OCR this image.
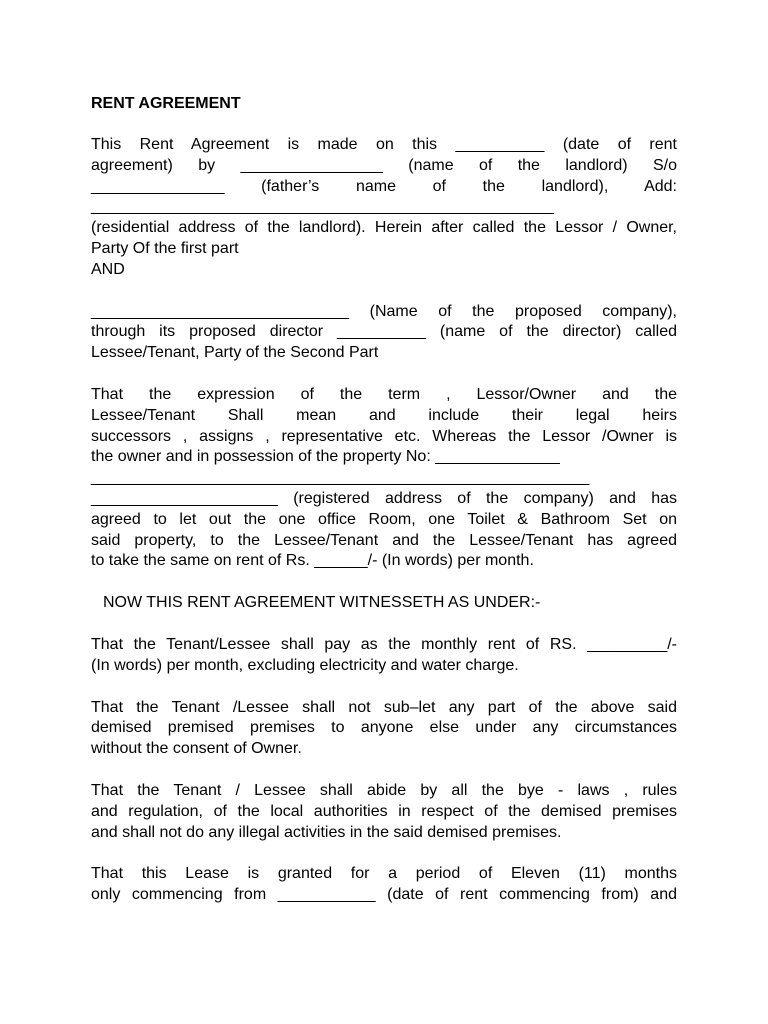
RENT AGREEMENT
This Rent Agreement is made on this __________ (date of rent
agreement) by ________________ (name of the landlord) S/o
_______________ (father’s name of the landlord), Add:
____________________________________________________
(residential address of the landlord). Herein after called the Lessor / Owner,
Party Of the first part
AND
_____________________________ (Name of the proposed company),
through its proposed director __________ (name of the director) called
Lessee/Tenant, Party of the Second Part
That the expression of the term , Lessor/Owner and the
Lessee/Tenant Shall mean and include their legal heirs
successors , assigns , representative etc. Whereas the Lessor /Owner is
the owner and in possession of the property No: ______________
________________________________________________________
_____________________ (registered address of the company) and has
agreed to let out the one office Room, one Toilet & Bathroom Set on
said property, to the Lessee/Tenant and the Lessee/Tenant has agreed
to take the same on rent of Rs. ______/- (In words) per month.
NOW THIS RENT AGREEMENT WITNESSETH AS UNDER:-
That the Tenant/Lessee shall pay as the monthly rent of RS. _________/-
(In words) per month, excluding electricity and water charge.
That the Tenant /Lessee shall not sub–let any part of the above said
demised premised premises to anyone else under any circumstances
without the consent of Owner.
That the Tenant / Lessee shall abide by all the bye - laws , rules
and regulation, of the local authorities in respect of the demised premises
and shall not do any illegal activities in the said demised premises.
That this Lease is granted for a period of Eleven (11) months
only commencing from ___________ (date of rent commencing from) and
